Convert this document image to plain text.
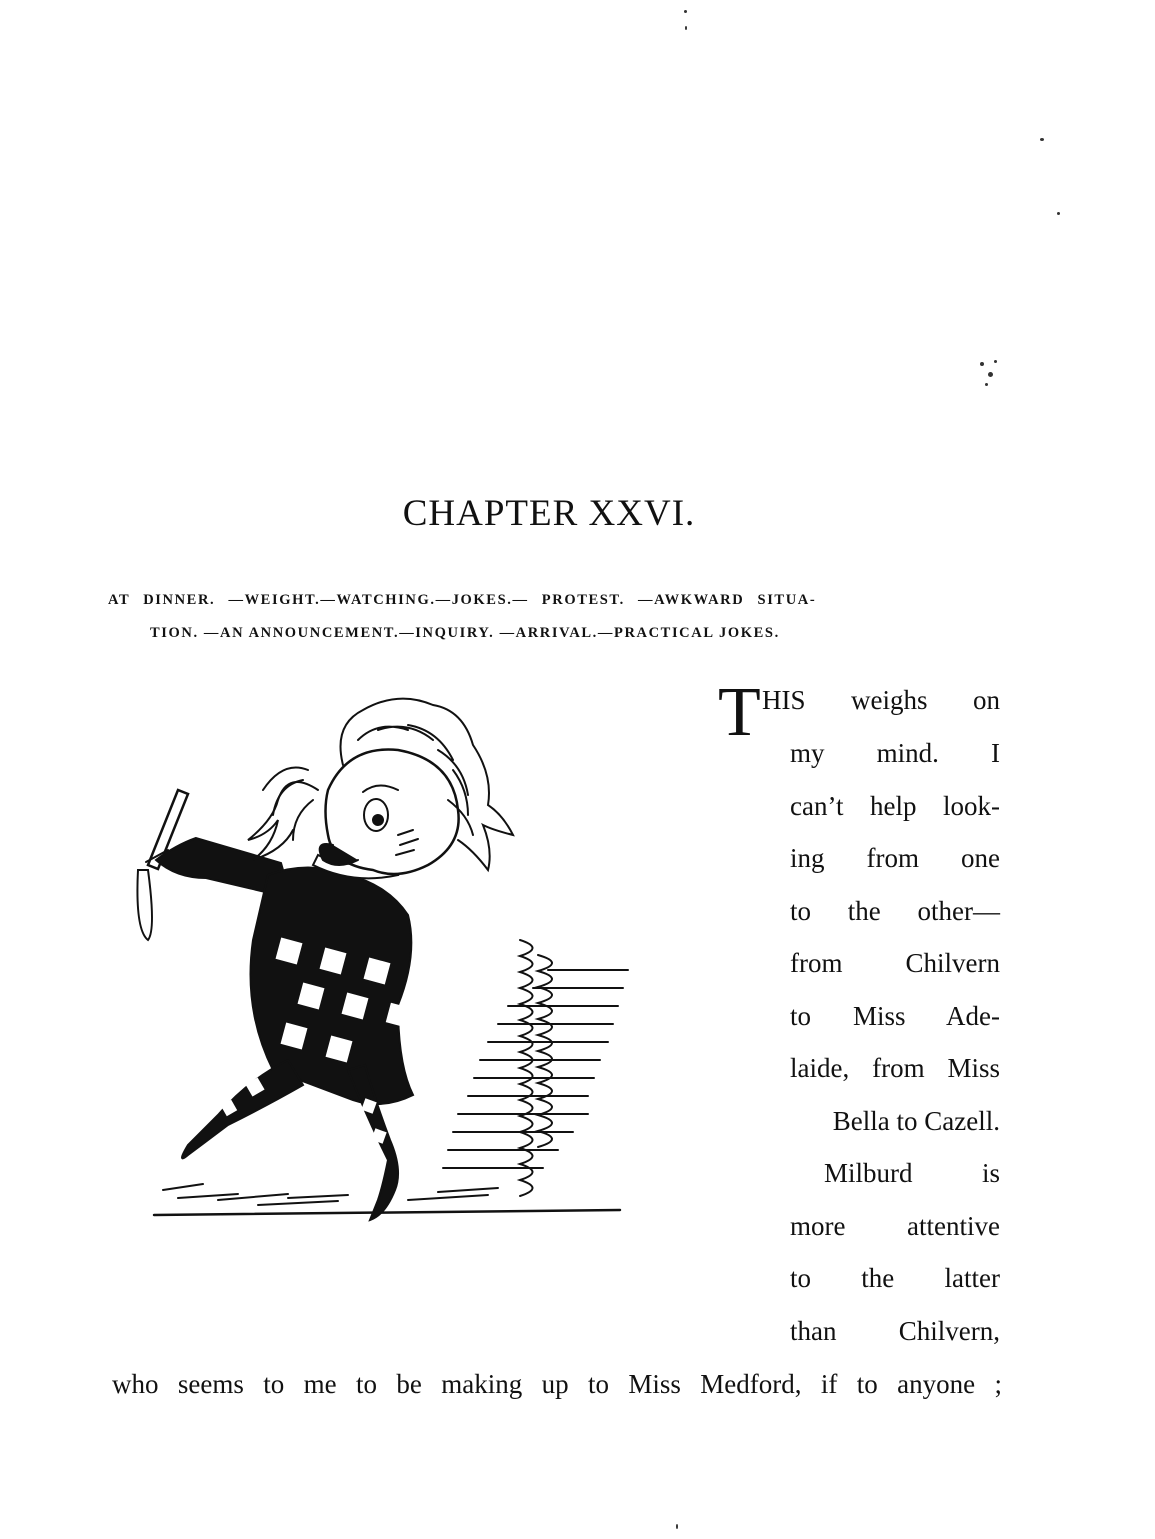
CHAPTER XXVI.
AT DINNER. —WEIGHT.—WATCHING.—JOKES.— PROTEST. —AWKWARD SITUA-
TION. —AN ANNOUNCEMENT.—INQUIRY. —ARRIVAL.—PRACTICAL JOKES.
T HIS weighs on
my mind. I
can’t help look-
ing from one
to the other—
from Chilvern
to Miss Ade-
laide, from Miss
Bella to Cazell.
Milburd is
more attentive
to the latter
than Chilvern,
who seems to me to be making up to Miss Medford, if to anyone ;
